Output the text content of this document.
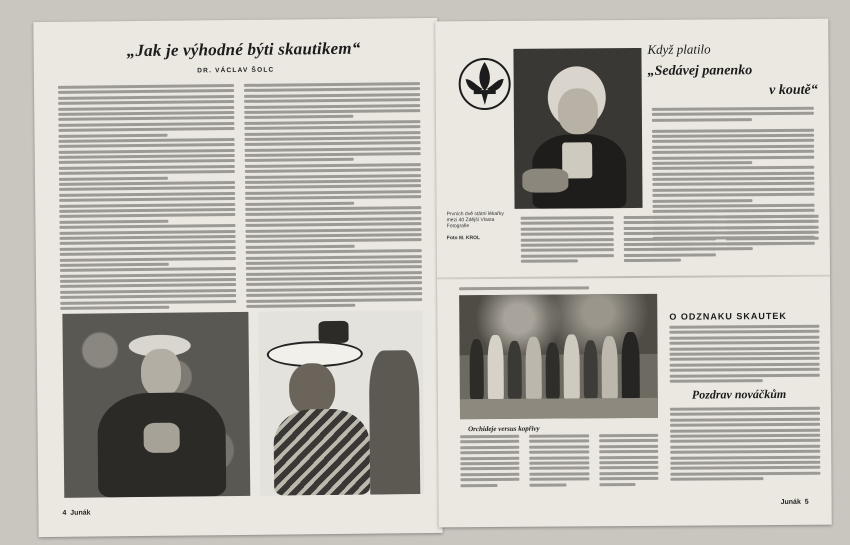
„Jak je výhodné býti skautikem“
DR. VÁCLAV ŠOLC
4 Junák
Když platilo
„Sedávej panenko
v koutě“
Prvních dvě státní lékařky mezi 40 Zdější Vlasta Fotografie
Foto M. KROL
Orchideje versus kopřivy
O ODZNAKU SKAUTEK
Pozdrav nováčkům
Junák 5
